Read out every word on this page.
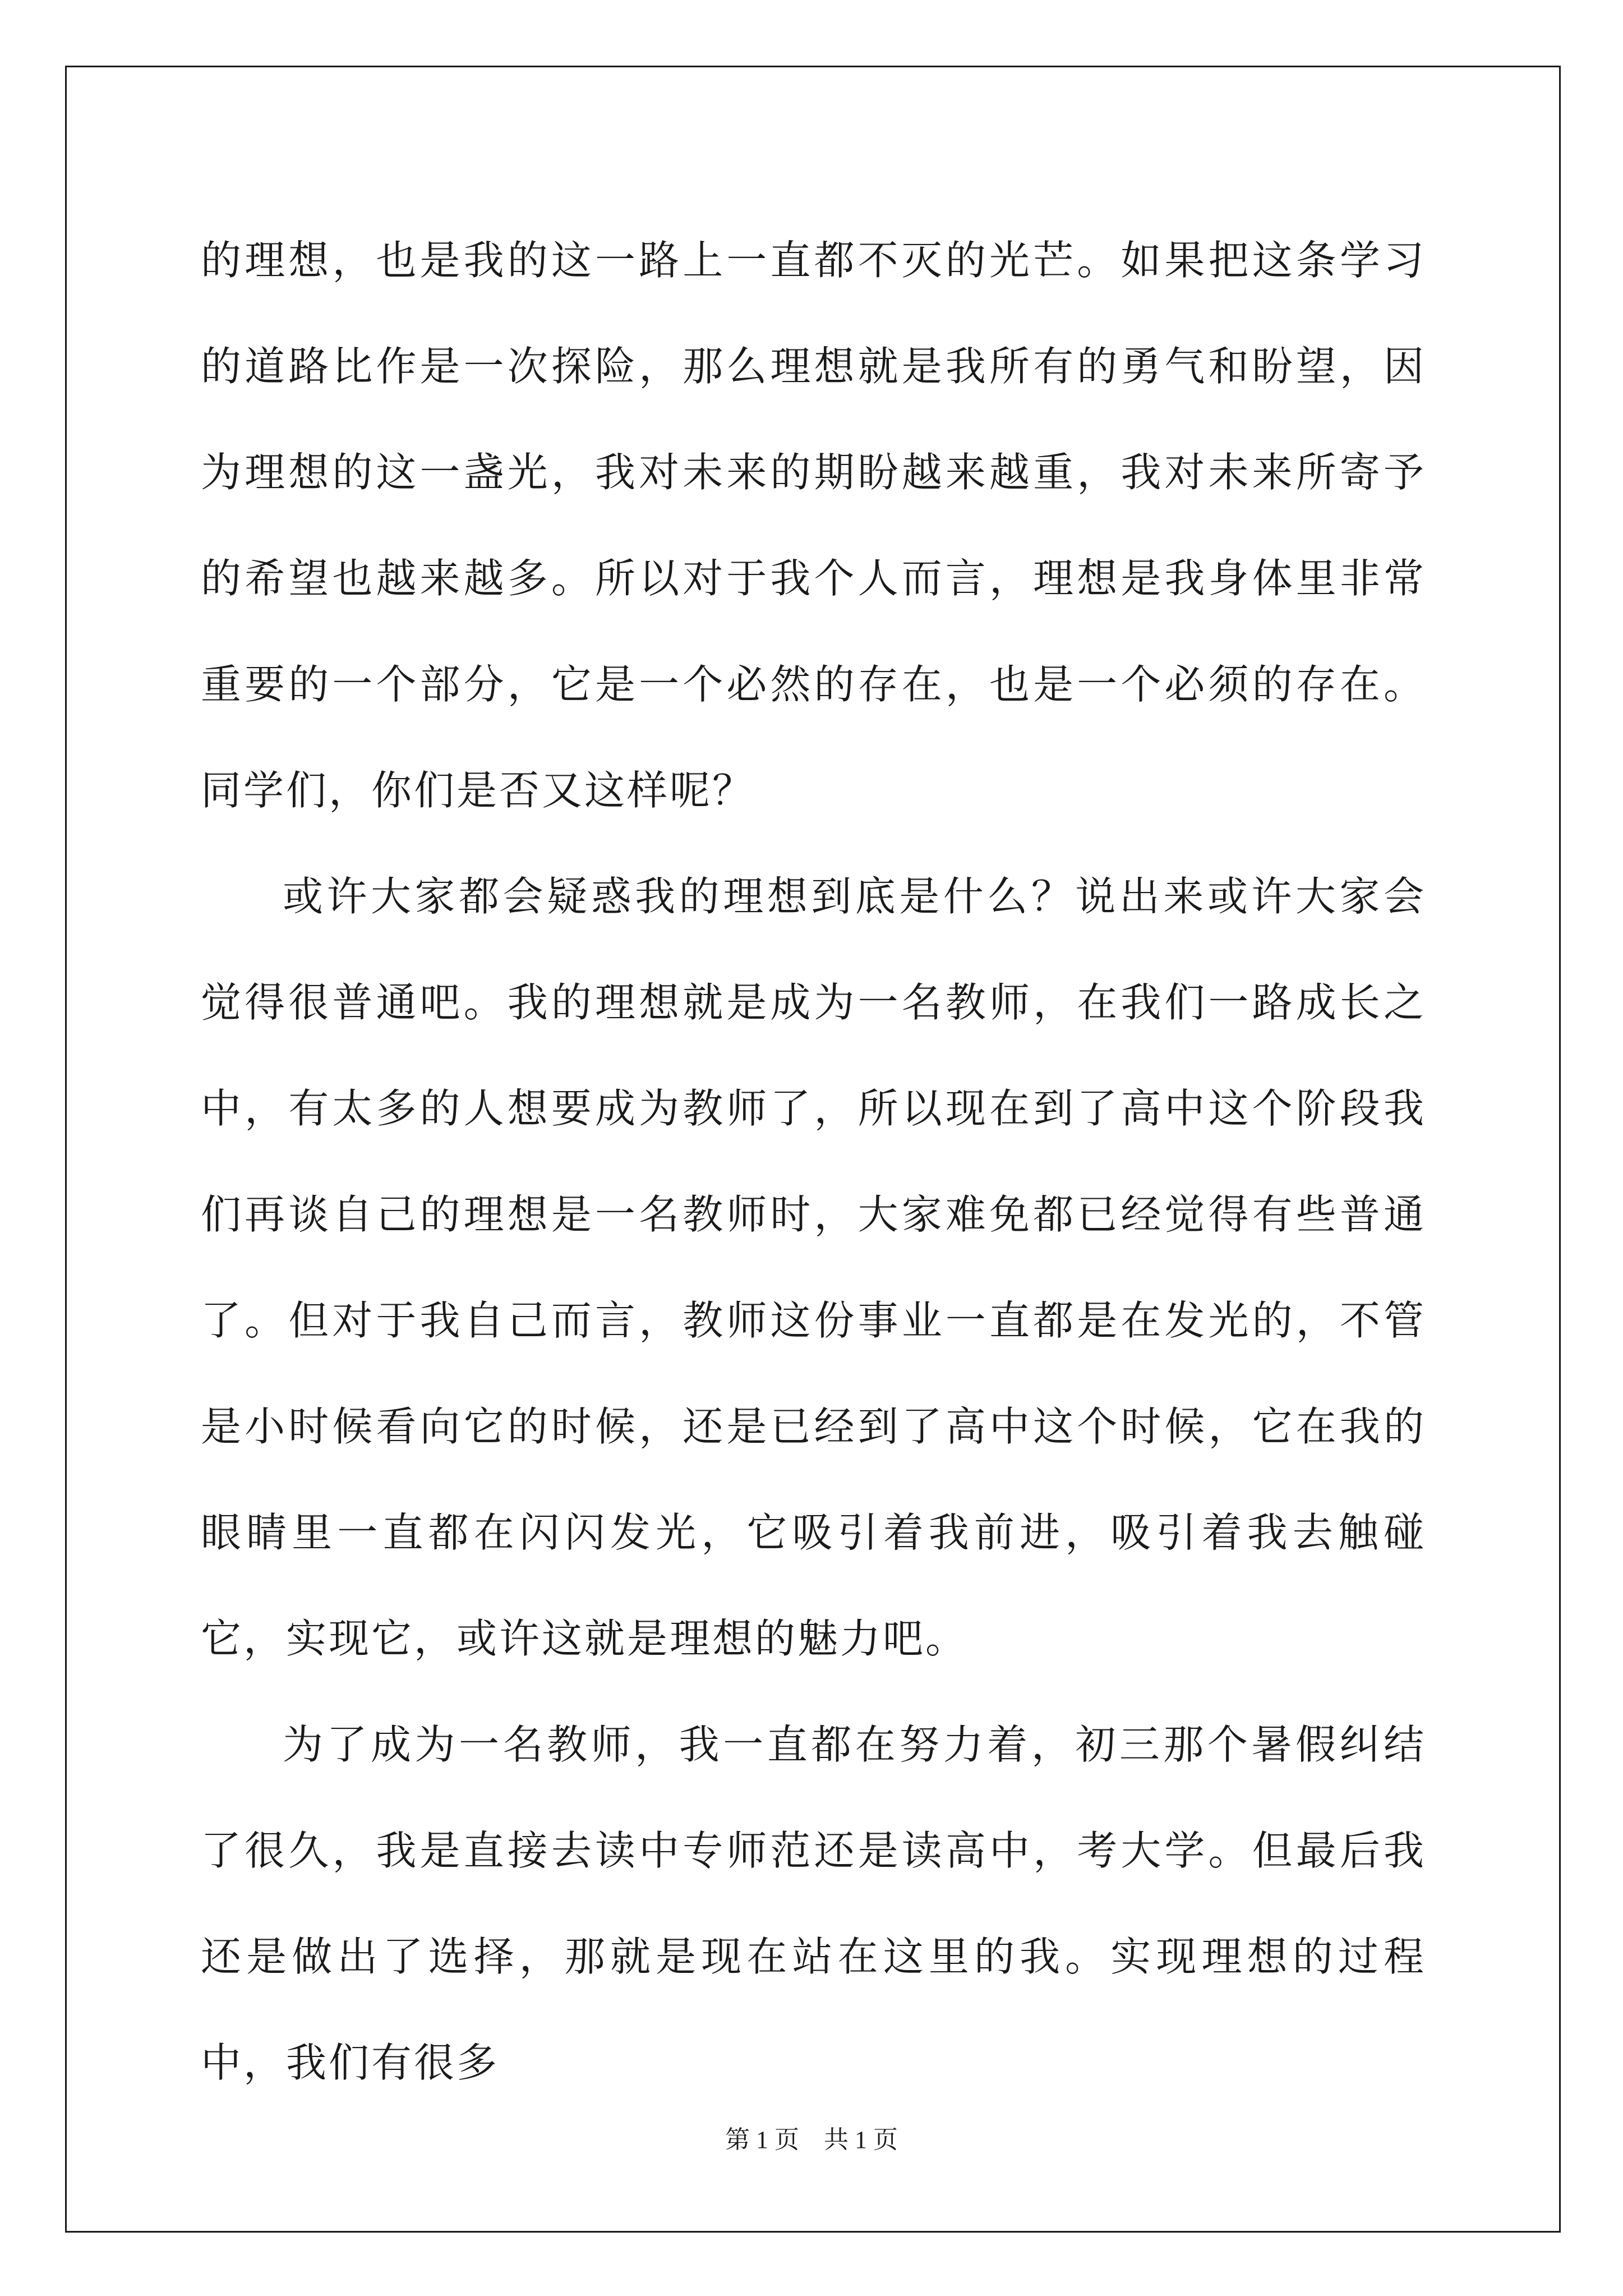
的理想，也是我的这一路上一直都不灭的光芒。如果把这条学习的道路比作是一次探险，那么理想就是我所有的勇气和盼望，因为理想的这一盏光，我对未来的期盼越来越重，我对未来所寄予的希望也越来越多。所以对于我个人而言，理想是我身体里非常重要的一个部分，它是一个必然的存在，也是一个必须的存在。同学们，你们是否又这样呢？

或许大家都会疑惑我的理想到底是什么？说出来或许大家会觉得很普通吧。我的理想就是成为一名教师，在我们一路成长之中，有太多的人想要成为教师了，所以现在到了高中这个阶段我们再谈自己的理想是一名教师时，大家难免都已经觉得有些普通了。但对于我自己而言，教师这份事业一直都是在发光的，不管是小时候看向它的时候，还是已经到了高中这个时候，它在我的眼睛里一直都在闪闪发光，它吸引着我前进，吸引着我去触碰它，实现它，或许这就是理想的魅力吧。

为了成为一名教师，我一直都在努力着，初三那个暑假纠结了很久，我是直接去读中专师范还是读高中，考大学。但最后我还是做出了选择，那就是现在站在这里的我。实现理想的过程中，我们有很多

第 1 页    共 1 页
